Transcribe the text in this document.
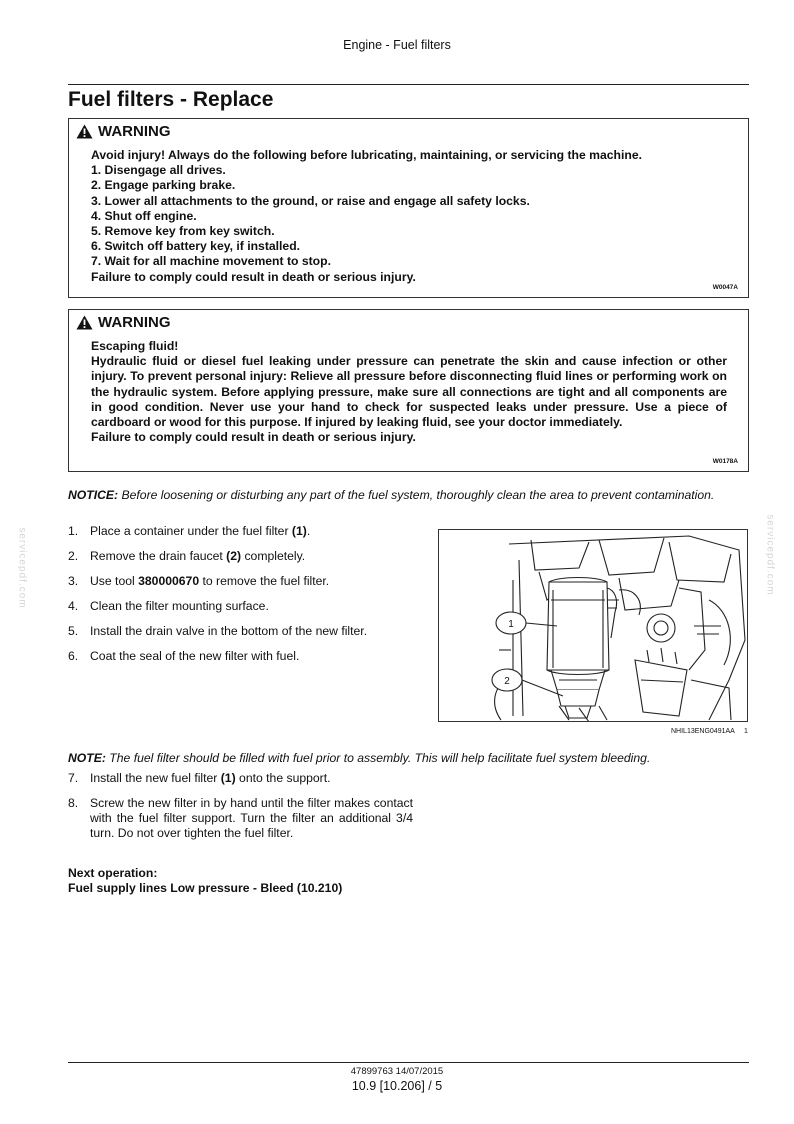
servicepdf.com	servicepdf.com
Engine - Fuel filters
Fuel filters - Replace
WARNING
Avoid injury! Always do the following before lubricating, maintaining, or servicing the machine.
1. Disengage all drives.
2. Engage parking brake.
3. Lower all attachments to the ground, or raise and engage all safety locks.
4. Shut off engine.
5. Remove key from key switch.
6. Switch off battery key, if installed.
7. Wait for all machine movement to stop.
Failure to comply could result in death or serious injury.
W0047A
WARNING
Escaping fluid!
Hydraulic fluid or diesel fuel leaking under pressure can penetrate the skin and cause infection or other injury. To prevent personal injury: Relieve all pressure before disconnecting fluid lines or performing work on the hydraulic system. Before applying pressure, make sure all connections are tight and all components are in good condition. Never use your hand to check for suspected leaks under pressure. Use a piece of cardboard or wood for this purpose. If injured by leaking fluid, see your doctor immediately.
Failure to comply could result in death or serious injury.
W0178A
NOTICE: Before loosening or disturbing any part of the fuel system, thoroughly clean the area to prevent contamination.
1. Place a container under the fuel filter (1).
2. Remove the drain faucet (2) completely.
3. Use tool 380000670 to remove the fuel filter.
4. Clean the filter mounting surface.
5. Install the drain valve in the bottom of the new filter.
6. Coat the seal of the new filter with fuel.
1
2
NHIL13ENG0491AA 1
NOTE: The fuel filter should be filled with fuel prior to assembly. This will help facilitate fuel system bleeding.
7. Install the new fuel filter (1) onto the support.
8. Screw the new filter in by hand until the filter makes contact with the fuel filter support. Turn the filter an additional 3/4 turn. Do not over tighten the fuel filter.
Next operation:
Fuel supply lines Low pressure - Bleed (10.210)
47899763 14/07/2015
10.9 [10.206] / 5
